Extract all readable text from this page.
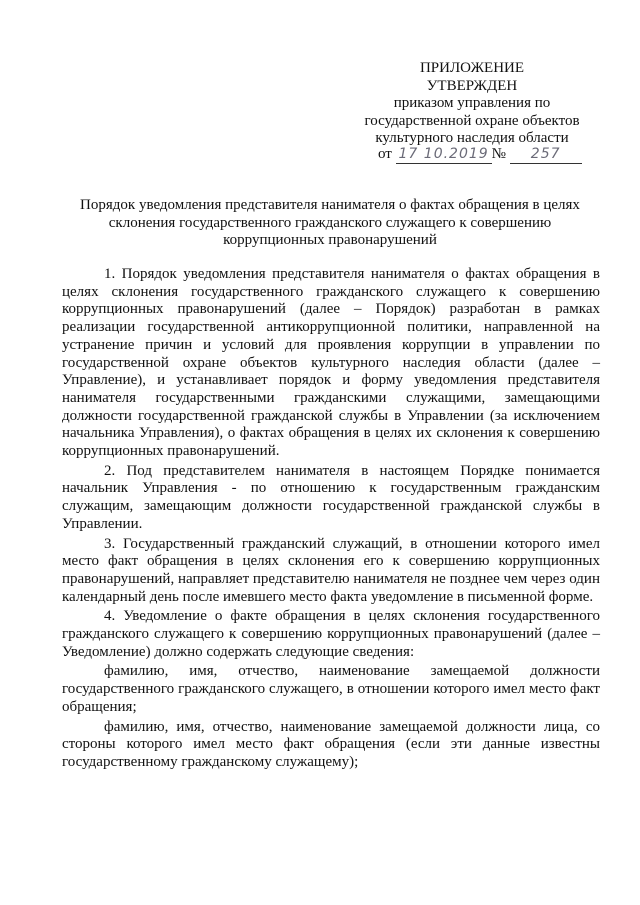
ПРИЛОЖЕНИЕ
УТВЕРЖДЕН
приказом управления по
государственной охране объектов
культурного наследия области
от 17 10.2019 № 257
Порядок уведомления представителя нанимателя о фактах обращения в целях склонения государственного гражданского служащего к совершению коррупционных правонарушений

1. Порядок уведомления представителя нанимателя о фактах обращения в целях склонения государственного гражданского служащего к совершению коррупционных правонарушений (далее – Порядок) разработан в рамках реализации государственной антикоррупционной политики, направленной на устранение причин и условий для проявления коррупции в управлении по государственной охране объектов культурного наследия области (далее – Управление), и устанавливает порядок и форму уведомления представителя нанимателя государственными гражданскими служащими, замещающими должности государственной гражданской службы в Управлении (за исключением начальника Управления), о фактах обращения в целях их склонения к совершению коррупционных правонарушений.

2. Под представителем нанимателя в настоящем Порядке понимается начальник Управления - по отношению к государственным гражданским служащим, замещающим должности государственной гражданской службы в Управлении.

3. Государственный гражданский служащий, в отношении которого имел место факт обращения в целях склонения его к совершению коррупционных правонарушений, направляет представителю нанимателя не позднее чем через один календарный день после имевшего место факта уведомление в письменной форме.

4. Уведомление о факте обращения в целях склонения государственного гражданского служащего к совершению коррупционных правонарушений (далее – Уведомление) должно содержать следующие сведения:

фамилию, имя, отчество, наименование замещаемой должности государственного гражданского служащего, в отношении которого имел место факт обращения;

фамилию, имя, отчество, наименование замещаемой должности лица, со стороны которого имел место факт обращения (если эти данные известны государственному гражданскому служащему);
